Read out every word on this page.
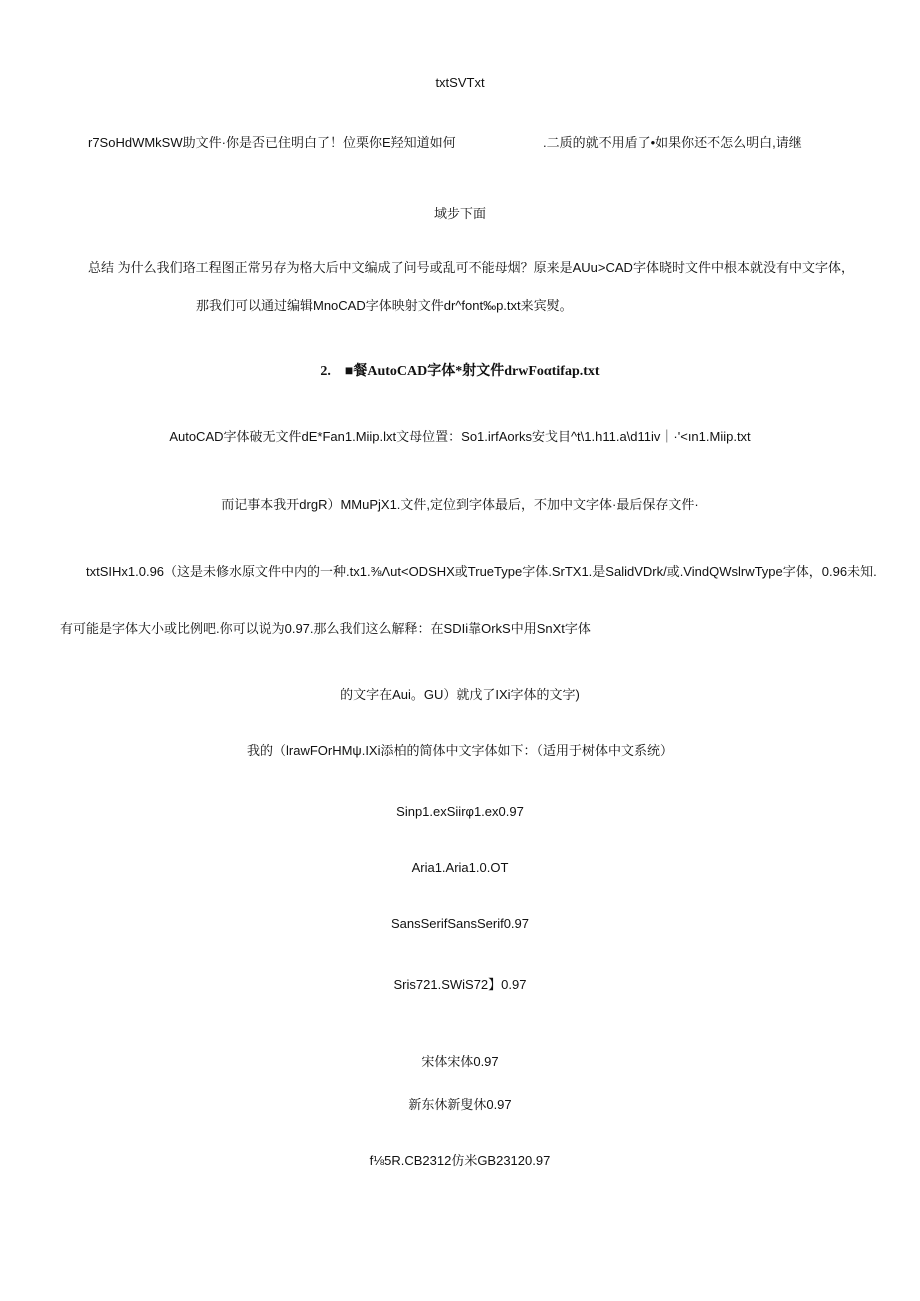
txtSVTxt
r7SoHdWMkSW助文件·你是否已住明白了！位栗你E羟知道如何	.二质的就不用盾了•如果你还不怎么明白,请继
域步下面
总结 为什么我们珞工程图正常另存为格大后中文编成了问号或乱可不能母烟？原来是AUu>CAD字体晓时文件中根本就没有中文字体，
那我们可以通过编辑MnoCAD字体映射文件dr^font‰p.txt来宾熨。
2. ■餐AutoCAD字体*射文件drwFoαtifap.txt
AutoCAD字体破无文件dE*Fan1.Miip.lxt文母位置：So1.irfAorks安戈目^t\1.h11.a\d11iv｜·'<ın1.Miip.txt
而记事本我开drgR）MMuPjX1.文件,定位到字体最后，不加中文字体·最后保存文件·
txtSIHx1.0.96（这是未修水原文件中内的一种.tx1.⅜Λut<ODSHX或TrueType字体.SrTX1.是SalidVDrk/或.VindQWslrwType字体，0.96未知.
有可能是字体大小或比例吧.你可以说为0.97.那么我们这么解释：在SDIi靠OrkS中用SnXt字体
的文字在Aui。GU）就戊了IXi字体的文字)
我的（lrawFOrHMψ.IXi添柏的简体中文字体如下：（适用于树体中文系统）
Sinp1.exSiirφ1.ex0.97
Aria1.Aria1.0.OT
SansSerifSansSerif0.97
Sris721.SWiS72】0.97
宋体宋体0.97
新东休新叟休0.97
f⅛5R.CB2312仿米GB23120.97
